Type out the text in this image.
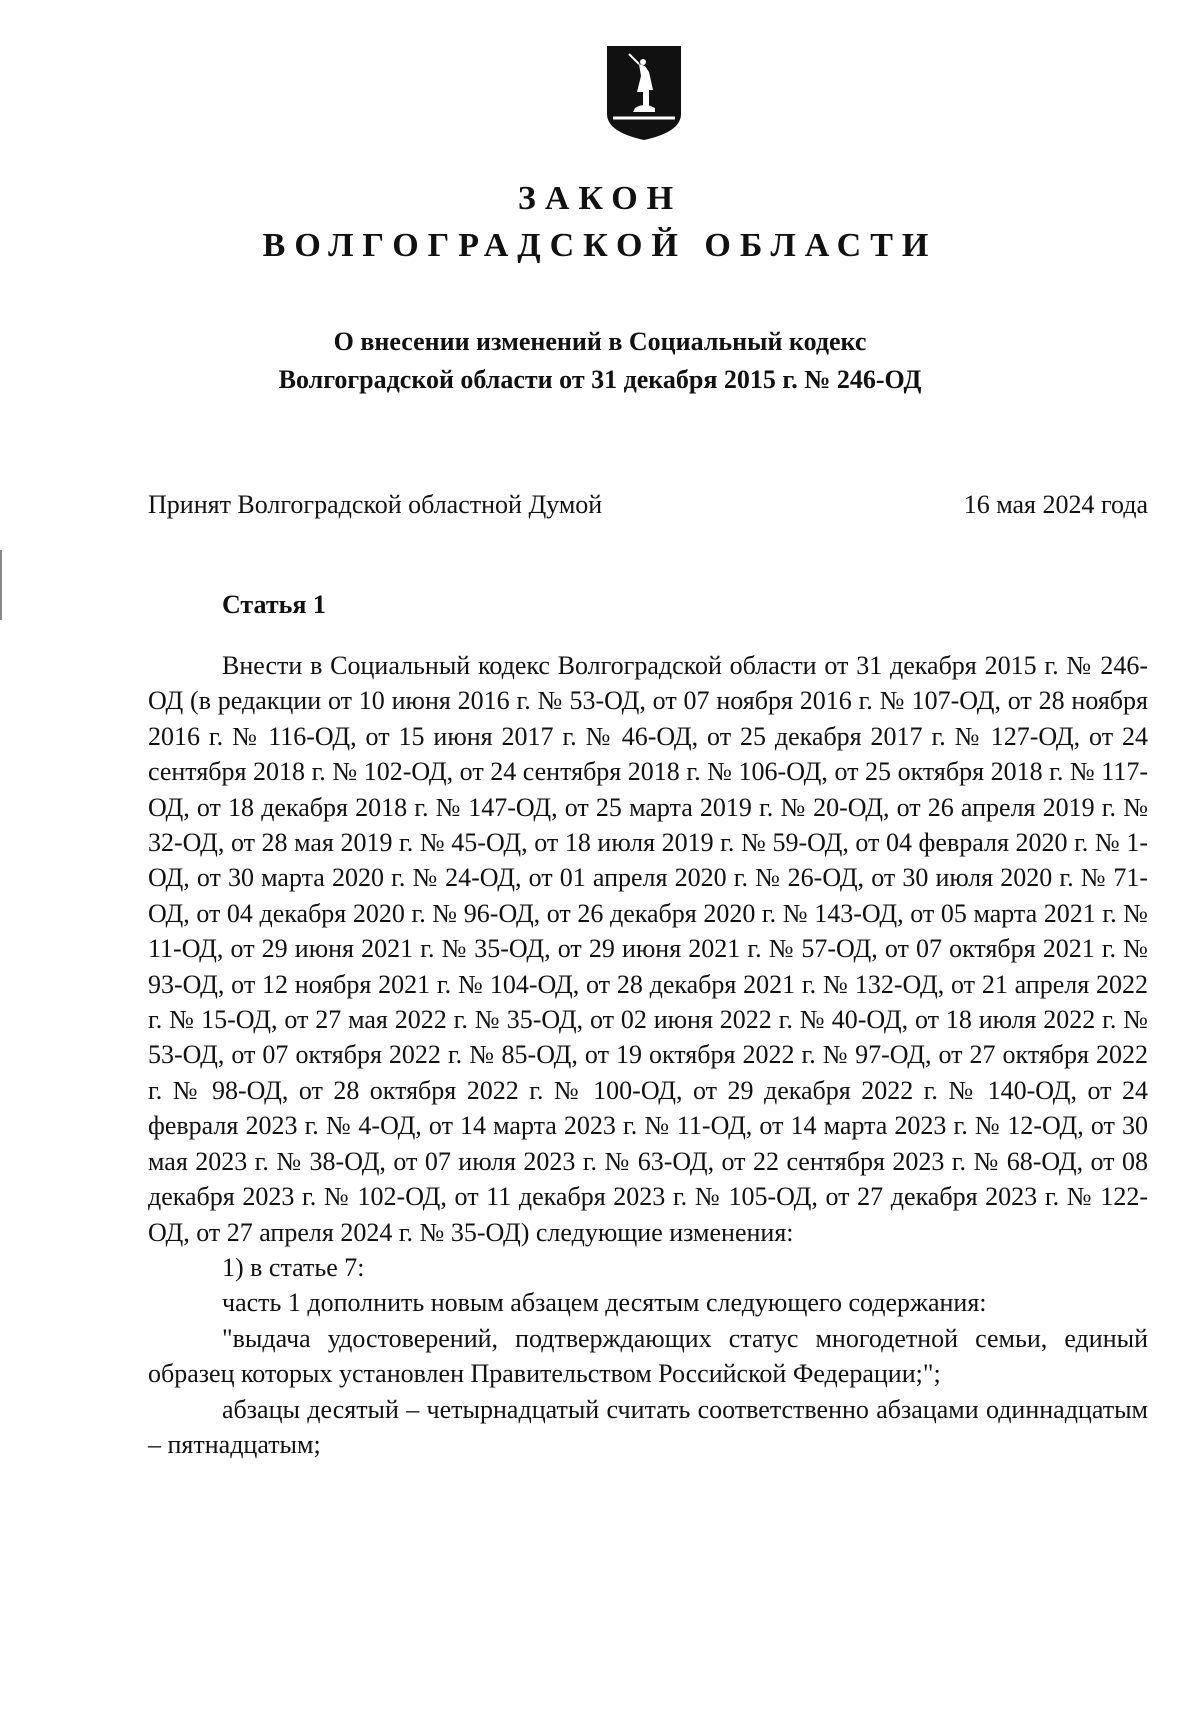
ЗАКОН
ВОЛГОГРАДСКОЙ ОБЛАСТИ
О внесении изменений в Социальный кодекс
Волгоградской области от 31 декабря 2015 г. № 246-ОД
Принят Волгоградской областной Думой	16 мая 2024 года
Статья 1

Внести в Социальный кодекс Волгоградской области от 31 декабря 2015 г. № 246-ОД (в редакции от 10 июня 2016 г. № 53-ОД, от 07 ноября 2016 г. № 107-ОД, от 28 ноября 2016 г. № 116-ОД, от 15 июня 2017 г. № 46-ОД, от 25 декабря 2017 г. № 127-ОД, от 24 сентября 2018 г. № 102-ОД, от 24 сентября 2018 г. № 106-ОД, от 25 октября 2018 г. № 117-ОД, от 18 декабря 2018 г. № 147-ОД, от 25 марта 2019 г. № 20-ОД, от 26 апреля 2019 г. № 32-ОД, от 28 мая 2019 г. № 45-ОД, от 18 июля 2019 г. № 59-ОД, от 04 февраля 2020 г. № 1-ОД, от 30 марта 2020 г. № 24-ОД, от 01 апреля 2020 г. № 26-ОД, от 30 июля 2020 г. № 71-ОД, от 04 декабря 2020 г. № 96-ОД, от 26 декабря 2020 г. № 143-ОД, от 05 марта 2021 г. № 11-ОД, от 29 июня 2021 г. № 35-ОД, от 29 июня 2021 г. № 57-ОД, от 07 октября 2021 г. № 93-ОД, от 12 ноября 2021 г. № 104-ОД, от 28 декабря 2021 г. № 132-ОД, от 21 апреля 2022 г. № 15-ОД, от 27 мая 2022 г. № 35-ОД, от 02 июня 2022 г. № 40-ОД, от 18 июля 2022 г. № 53-ОД, от 07 октября 2022 г. № 85-ОД, от 19 октября 2022 г. № 97-ОД, от 27 октября 2022 г. № 98-ОД, от 28 октября 2022 г. № 100-ОД, от 29 декабря 2022 г. № 140-ОД, от 24 февраля 2023 г. № 4-ОД, от 14 марта 2023 г. № 11-ОД, от 14 марта 2023 г. № 12-ОД, от 30 мая 2023 г. № 38-ОД, от 07 июля 2023 г. № 63-ОД, от 22 сентября 2023 г. № 68-ОД, от 08 декабря 2023 г. № 102-ОД, от 11 декабря 2023 г. № 105-ОД, от 27 декабря 2023 г. № 122-ОД, от 27 апреля 2024 г. № 35-ОД) следующие изменения:

1) в статье 7:

часть 1 дополнить новым абзацем десятым следующего содержания:

"выдача удостоверений, подтверждающих статус многодетной семьи, единый образец которых установлен Правительством Российской Федерации;";

абзацы десятый – четырнадцатый считать соответственно абзацами одиннадцатым – пятнадцатым;
